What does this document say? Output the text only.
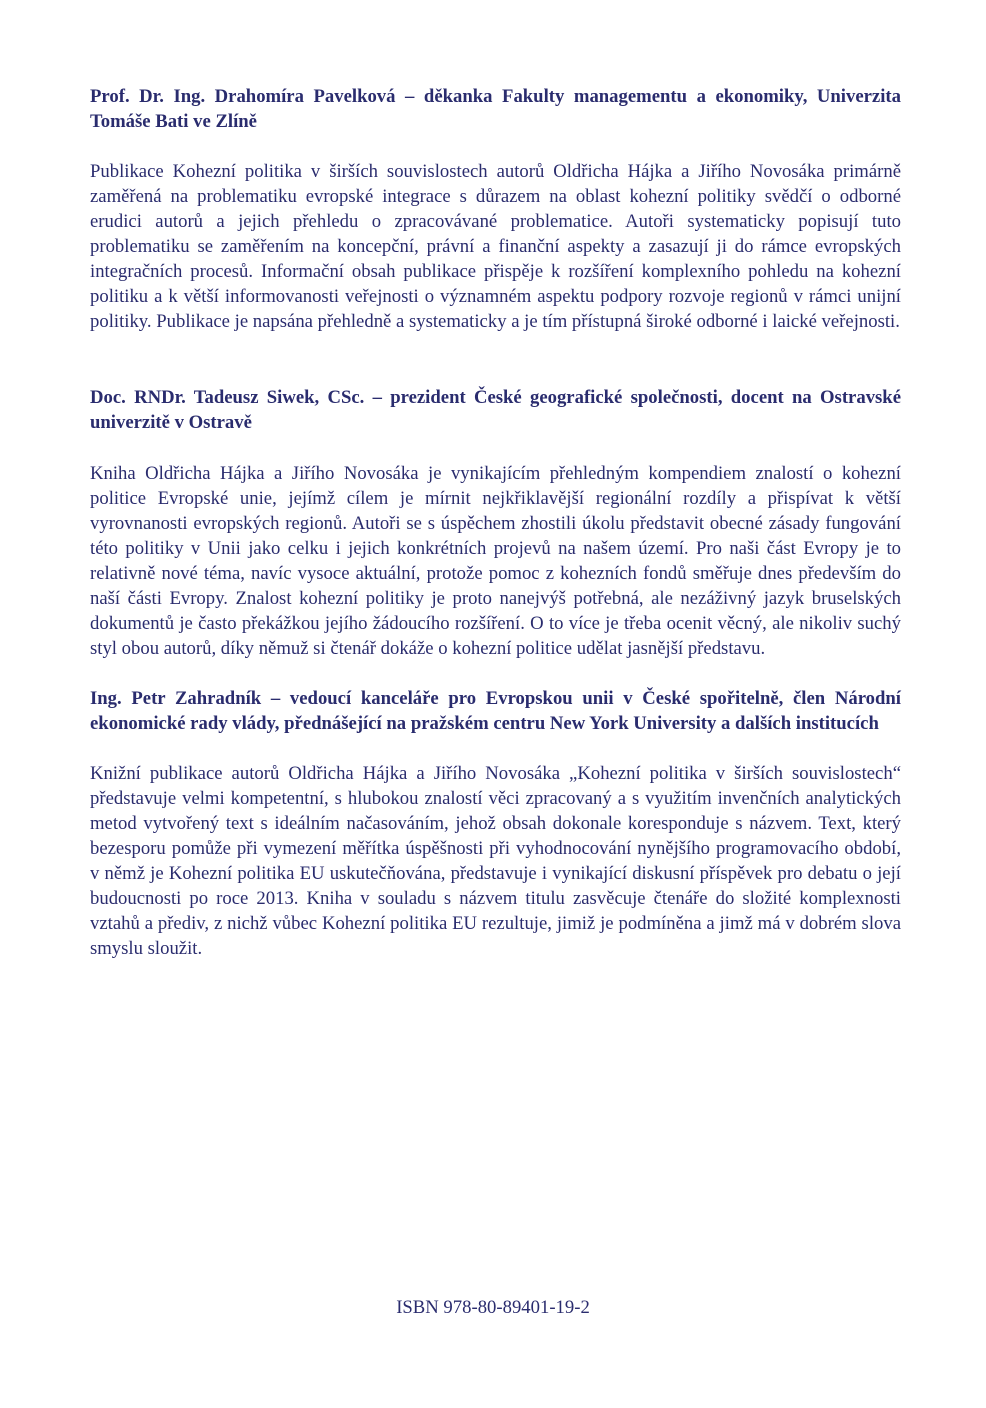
Prof. Dr. Ing. Drahomíra Pavelková – děkanka Fakulty managementu a ekonomiky, Univerzita Tomáše Bati ve Zlíně

Publikace Kohezní politika v širších souvislostech autorů Oldřicha Hájka a Jiřího Novosáka primárně zaměřená na problematiku evropské integrace s důrazem na oblast kohezní politiky svědčí o odborné erudici autorů a jejich přehledu o zpracovávané problematice. Autoři systematicky popisují tuto problematiku se zaměřením na koncepční, právní a finanční aspekty a zasazují ji do rámce evropských integračních procesů. Informační obsah publikace přispěje k rozšíření komplexního pohledu na kohezní politiku a k větší informovanosti veřejnosti o významném aspektu podpory rozvoje regionů v rámci unijní politiky. Publikace je napsána přehledně a systematicky a je tím přístupná široké odborné i laické veřejnosti.

Doc. RNDr. Tadeusz Siwek, CSc. – prezident České geografické společnosti, docent na Ostravské univerzitě v Ostravě

Kniha Oldřicha Hájka a Jiřího Novosáka je vynikajícím přehledným kompendiem znalostí o kohezní politice Evropské unie, jejímž cílem je mírnit nejkřiklavější regionální rozdíly a přispívat k větší vyrovnanosti evropských regionů. Autoři se s úspěchem zhostili úkolu představit obecné zásady fungování této politiky v Unii jako celku i jejich konkrétních projevů na našem území. Pro naši část Evropy je to relativně nové téma, navíc vysoce aktuální, protože pomoc z kohezních fondů směřuje dnes především do naší části Evropy. Znalost kohezní politiky je proto nanejvýš potřebná, ale nezáživný jazyk bruselských dokumentů je často překážkou jejího žádoucího rozšíření. O to více je třeba ocenit věcný, ale nikoliv suchý styl obou autorů, díky němuž si čtenář dokáže o kohezní politice udělat jasnější představu.

Ing. Petr Zahradník – vedoucí kanceláře pro Evropskou unii v České spořitelně, člen Národní ekonomické rady vlády, přednášející na pražském centru New York University a dalších institucích

Knižní publikace autorů Oldřicha Hájka a Jiřího Novosáka „Kohezní politika v širších souvislostech“ představuje velmi kompetentní, s hlubokou znalostí věci zpracovaný a s využitím invenčních analytických metod vytvořený text s ideálním načasováním, jehož obsah dokonale koresponduje s názvem. Text, který bezesporu pomůže při vymezení měřítka úspěšnosti při vyhodnocování nynějšího programovacího období, v němž je Kohezní politika EU uskutečňována, představuje i vynikající diskusní příspěvek pro debatu o její budoucnosti po roce 2013. Kniha v souladu s názvem titulu zasvěcuje čtenáře do složité komplexnosti vztahů a přediv, z nichž vůbec Kohezní politika EU rezultuje, jimiž je podmíněna a jimž má v dobrém slova smyslu sloužit.

ISBN 978-80-89401-19-2
